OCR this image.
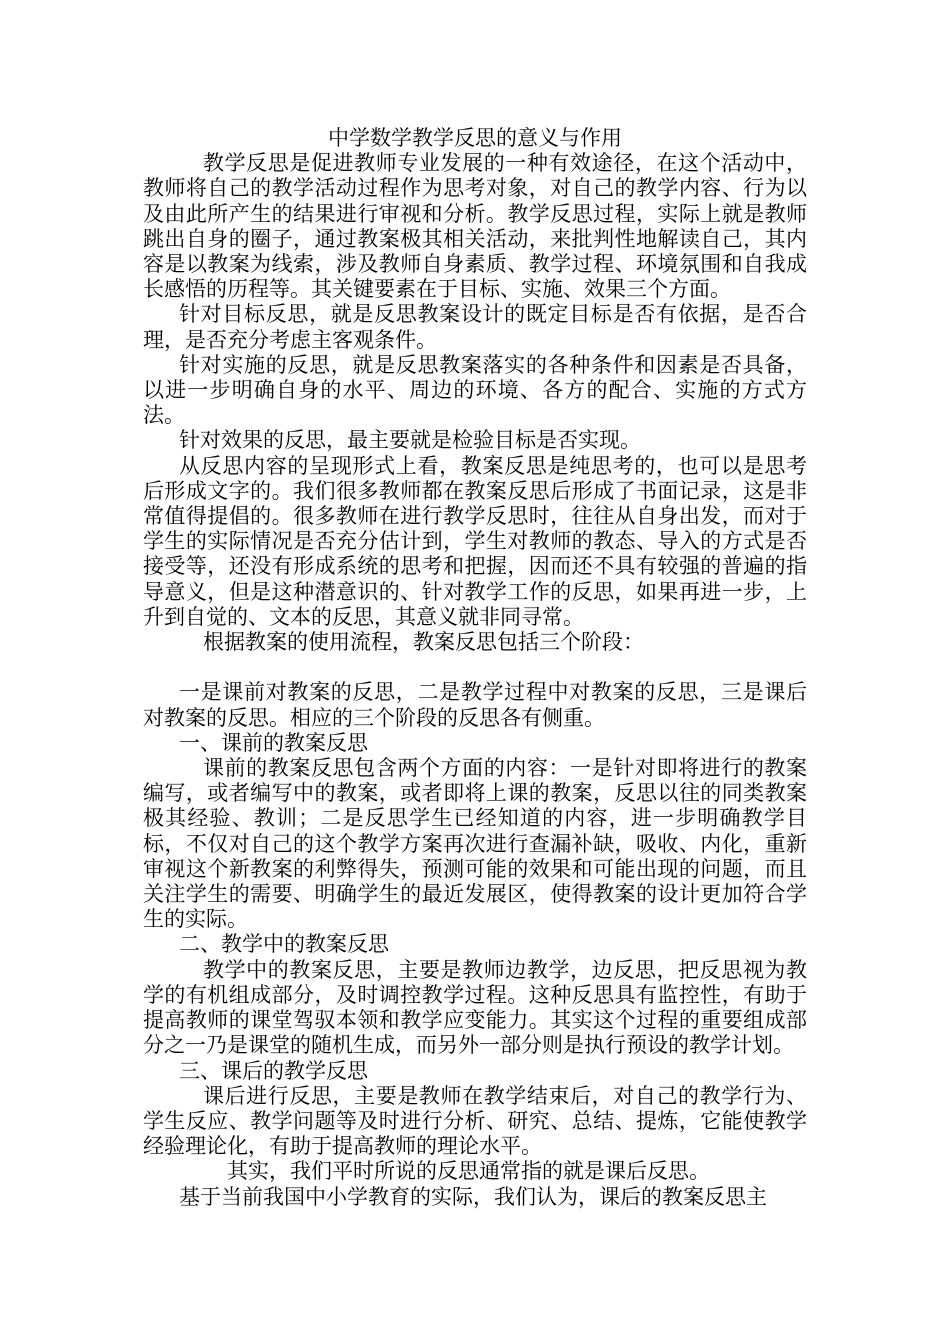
中学数学教学反思的意义与作用

教学反思是促进教师专业发展的一种有效途径，在这个活动中，教师将自己的教学活动过程作为思考对象，对自己的教学内容、行为以及由此所产生的结果进行审视和分析。教学反思过程，实际上就是教师跳出自身的圈子，通过教案极其相关活动，来批判性地解读自己，其内容是以教案为线索，涉及教师自身素质、教学过程、环境氛围和自我成长感悟的历程等。其关键要素在于目标、实施、效果三个方面。

针对目标反思，就是反思教案设计的既定目标是否有依据，是否合理，是否充分考虑主客观条件。

针对实施的反思，就是反思教案落实的各种条件和因素是否具备，以进一步明确自身的水平、周边的环境、各方的配合、实施的方式方法。

针对效果的反思，最主要就是检验目标是否实现。

从反思内容的呈现形式上看，教案反思是纯思考的，也可以是思考后形成文字的。我们很多教师都在教案反思后形成了书面记录，这是非常值得提倡的。很多教师在进行教学反思时，往往从自身出发，而对于学生的实际情况是否充分估计到，学生对教师的教态、导入的方式是否接受等，还没有形成系统的思考和把握，因而还不具有较强的普遍的指导意义，但是这种潜意识的、针对教学工作的反思，如果再进一步，上升到自觉的、文本的反思，其意义就非同寻常。

根据教案的使用流程，教案反思包括三个阶段：

一是课前对教案的反思，二是教学过程中对教案的反思，三是课后对教案的反思。相应的三个阶段的反思各有侧重。

一、课前的教案反思

课前的教案反思包含两个方面的内容：一是针对即将进行的教案编写，或者编写中的教案，或者即将上课的教案，反思以往的同类教案极其经验、教训；二是反思学生已经知道的内容，进一步明确教学目标，不仅对自己的这个教学方案再次进行查漏补缺，吸收、内化，重新审视这个新教案的利弊得失，预测可能的效果和可能出现的问题，而且关注学生的需要、明确学生的最近发展区，使得教案的设计更加符合学生的实际。

二、教学中的教案反思

教学中的教案反思，主要是教师边教学，边反思，把反思视为教学的有机组成部分，及时调控教学过程。这种反思具有监控性，有助于提高教师的课堂驾驭本领和教学应变能力。其实这个过程的重要组成部分之一乃是课堂的随机生成，而另外一部分则是执行预设的教学计划。

三、课后的教学反思

课后进行反思，主要是教师在教学结束后，对自己的教学行为、学生反应、教学问题等及时进行分析、研究、总结、提炼，它能使教学经验理论化，有助于提高教师的理论水平。

其实，我们平时所说的反思通常指的就是课后反思。

基于当前我国中小学教育的实际，我们认为，课后的教案反思主
